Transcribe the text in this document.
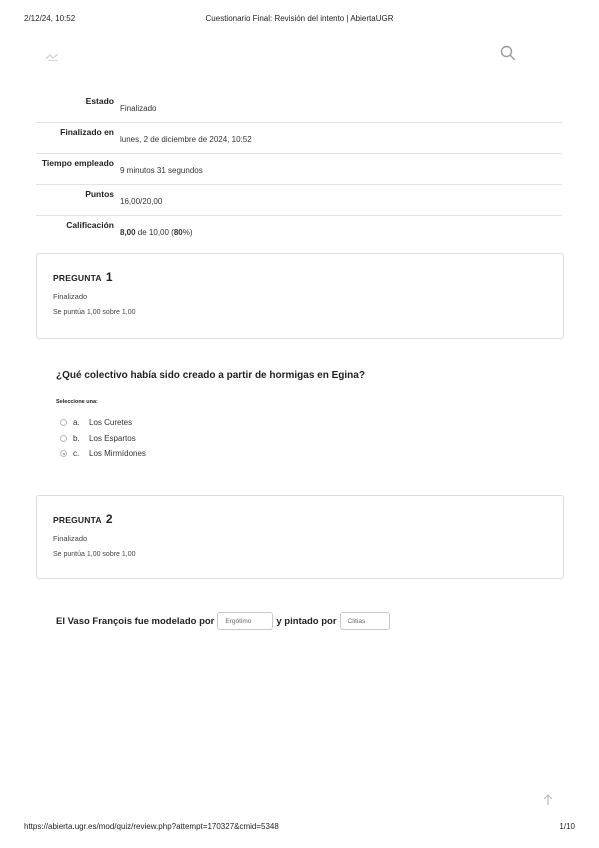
2/12/24, 10:52	Cuestionario Final: Revisión del intento | AbiertaUGR
Estado
Finalizado
Finalizado en
lunes, 2 de diciembre de 2024, 10:52
Tiempo empleado
9 minutos 31 segundos
Puntos
16,00/20,00
Calificación
8,00 de 10,00 (80%)
PREGUNTA 1
Finalizado
Se puntúa 1,00 sobre 1,00
¿Qué colectivo había sido creado a partir de hormigas en Egina?
Seleccione una:
a.	Los Curetes
b.	Los Espartos
c.	Los Mirmídones
PREGUNTA 2
Finalizado
Se puntúa 1,00 sobre 1,00
El Vaso François fue modelado por	Ergótimo	y pintado por	Clitias
https://abierta.ugr.es/mod/quiz/review.php?attempt=170327&cmid=5348	1/10
